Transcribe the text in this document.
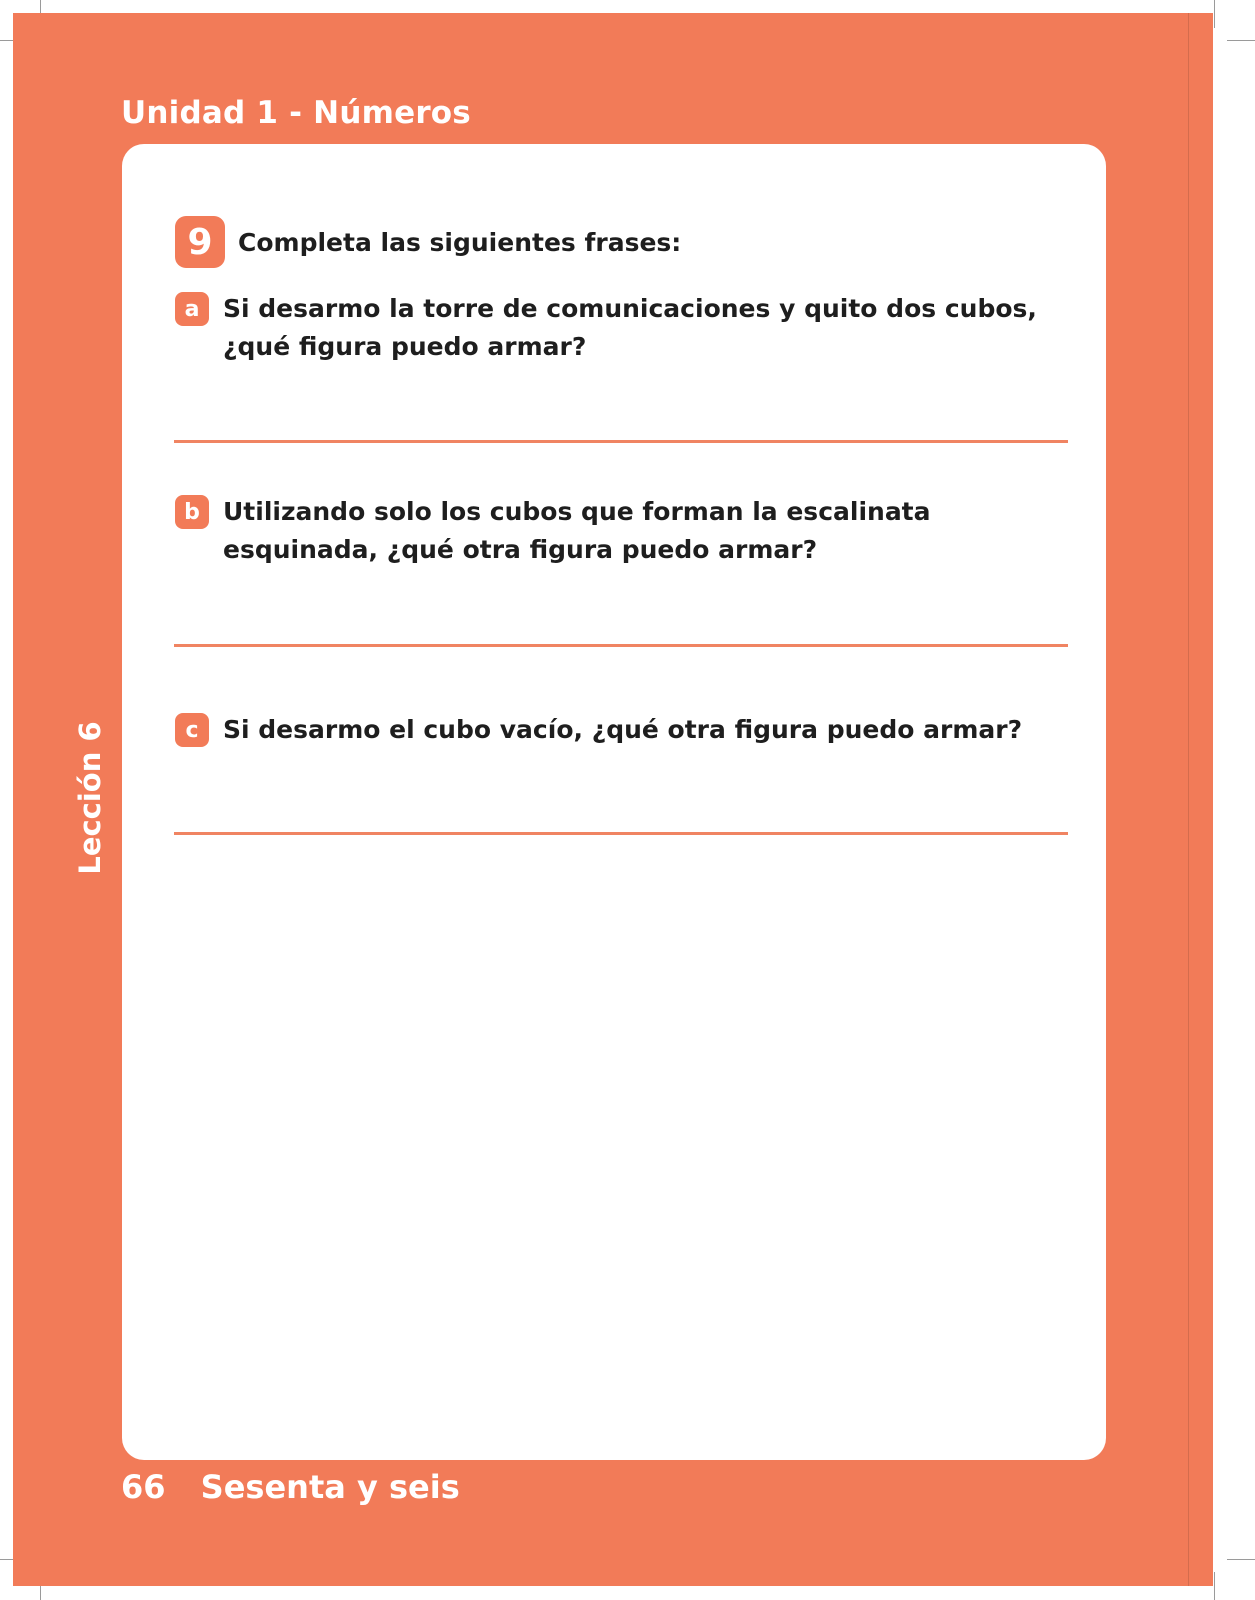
Unidad 1 - Números
Lección 6
9	Completa las siguientes frases:
a Si desarmo la torre de comunicaciones y quito dos cubos,
¿qué figura puedo armar?
b Utilizando solo los cubos que forman la escalinata
esquinada, ¿qué otra figura puedo armar?
c Si desarmo el cubo vacío, ¿qué otra figura puedo armar?
66 Sesenta y seis
